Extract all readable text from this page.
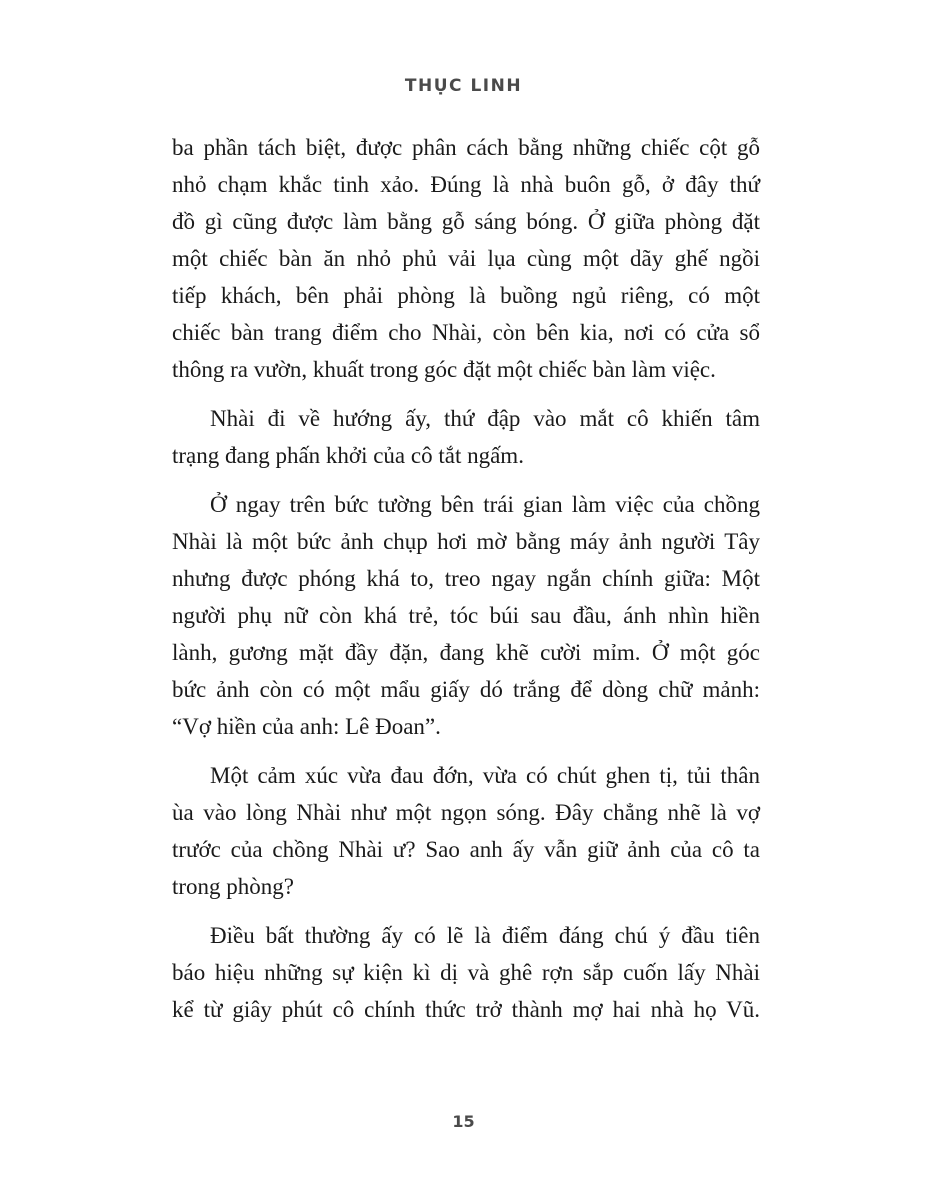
THỤC LINH

ba phần tách biệt, được phân cách bằng những chiếc cột gỗ
nhỏ chạm khắc tinh xảo. Đúng là nhà buôn gỗ, ở đây thứ
đồ gì cũng được làm bằng gỗ sáng bóng. Ở giữa phòng đặt
một chiếc bàn ăn nhỏ phủ vải lụa cùng một dãy ghế ngồi
tiếp khách, bên phải phòng là buồng ngủ riêng, có một
chiếc bàn trang điểm cho Nhài, còn bên kia, nơi có cửa sổ
thông ra vườn, khuất trong góc đặt một chiếc bàn làm việc.

Nhài đi về hướng ấy, thứ đập vào mắt cô khiến tâm
trạng đang phấn khởi của cô tắt ngấm.

Ở ngay trên bức tường bên trái gian làm việc của chồng
Nhài là một bức ảnh chụp hơi mờ bằng máy ảnh người Tây
nhưng được phóng khá to, treo ngay ngắn chính giữa: Một
người phụ nữ còn khá trẻ, tóc búi sau đầu, ánh nhìn hiền
lành, gương mặt đầy đặn, đang khẽ cười mỉm. Ở một góc
bức ảnh còn có một mẩu giấy dó trắng để dòng chữ mảnh:
“Vợ hiền của anh: Lê Đoan”.

Một cảm xúc vừa đau đớn, vừa có chút ghen tị, tủi thân
ùa vào lòng Nhài như một ngọn sóng. Đây chẳng nhẽ là vợ
trước của chồng Nhài ư? Sao anh ấy vẫn giữ ảnh của cô ta
trong phòng?

Điều bất thường ấy có lẽ là điểm đáng chú ý đầu tiên
báo hiệu những sự kiện kì dị và ghê rợn sắp cuốn lấy Nhài
kể từ giây phút cô chính thức trở thành mợ hai nhà họ Vũ.

15
